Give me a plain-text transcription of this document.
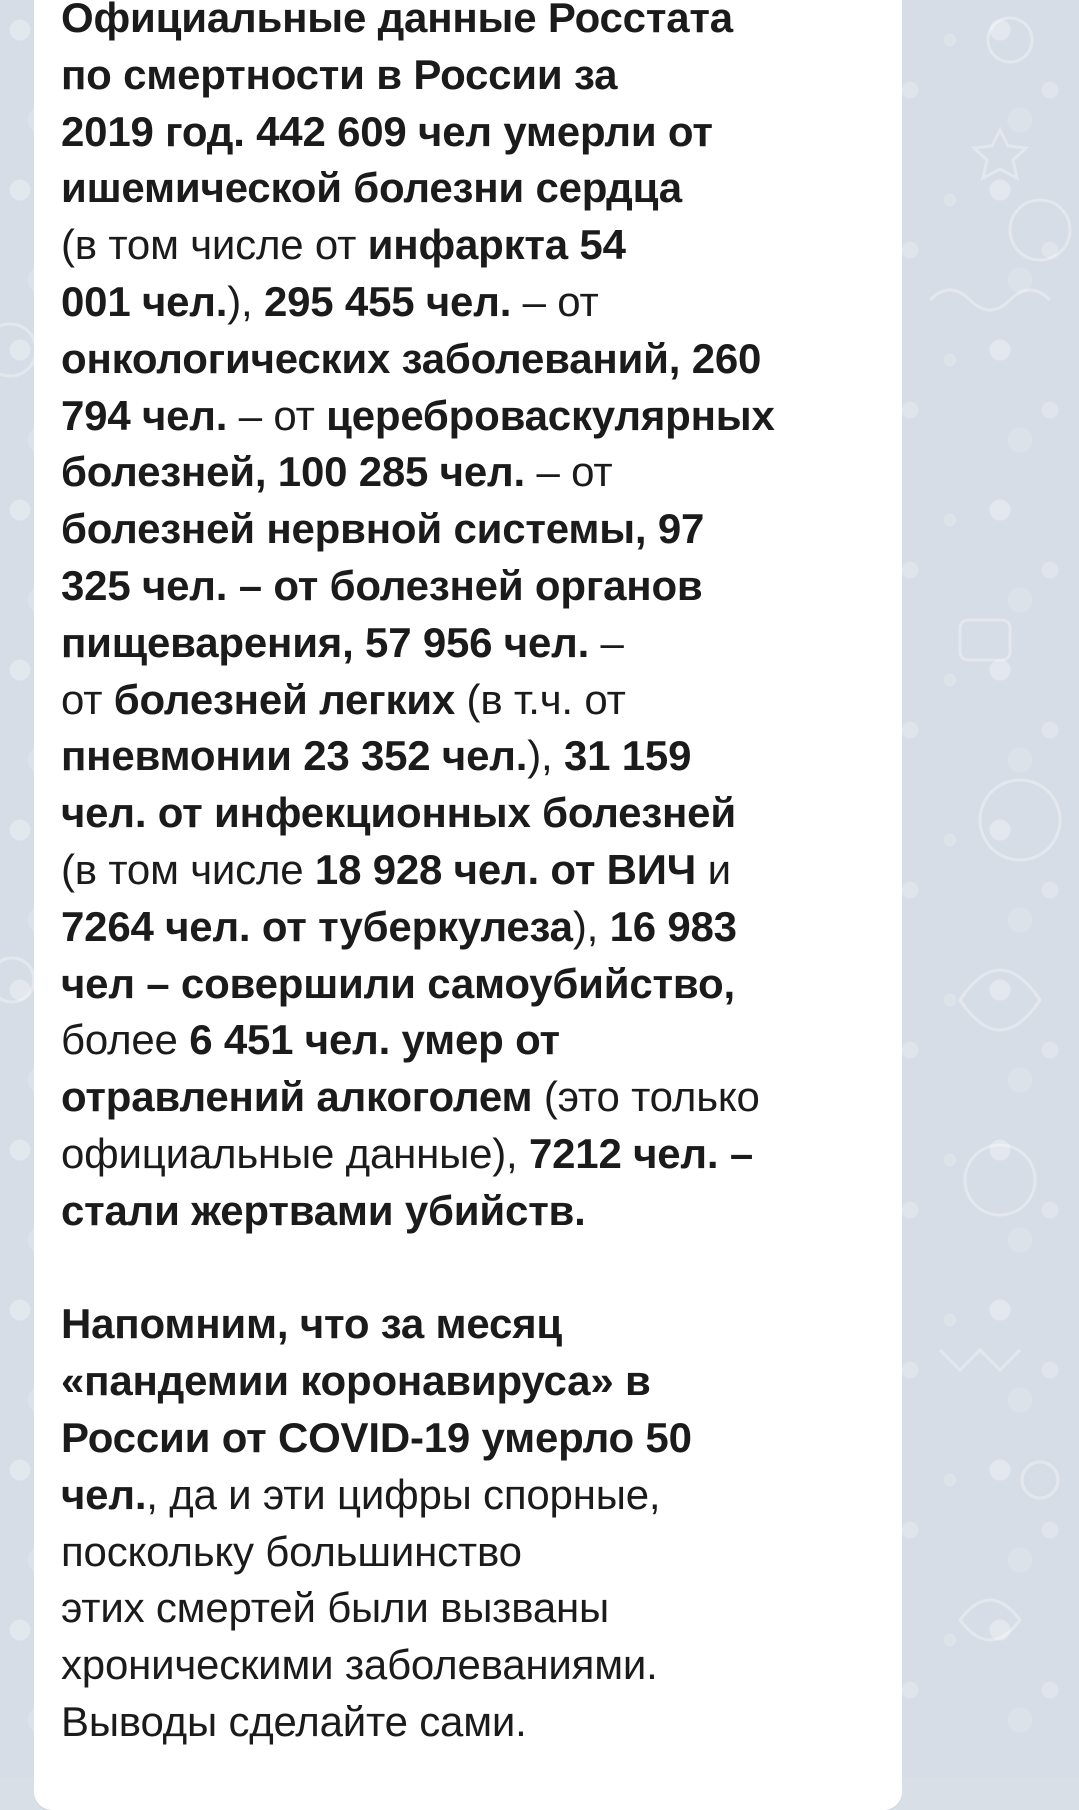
Официальные данные Росстата
по смертности в России за
2019 год. 442 609 чел умерли от
ишемической болезни сердца
(в том числе от инфаркта 54
001 чел.), 295 455 чел. – от
онкологических заболеваний, 260
794 чел. – от цереброваскулярных
болезней, 100 285 чел. – от
болезней нервной системы, 97
325 чел. – от болезней органов
пищеварения, 57 956 чел. –
от болезней легких (в т.ч. от
пневмонии 23 352 чел.), 31 159
чел. от инфекционных болезней
(в том числе 18 928 чел. от ВИЧ и
7264 чел. от туберкулеза), 16 983
чел – совершили самоубийство,
более 6 451 чел. умер от
отравлений алкоголем (это только
официальные данные), 7212 чел. –
стали жертвами убийств.
Напомним, что за месяц
«пандемии коронавируса» в
России от COVID-19 умерло 50
чел., да и эти цифры спорные,
поскольку большинство
этих смертей были вызваны
хроническими заболеваниями.
Выводы сделайте сами.
